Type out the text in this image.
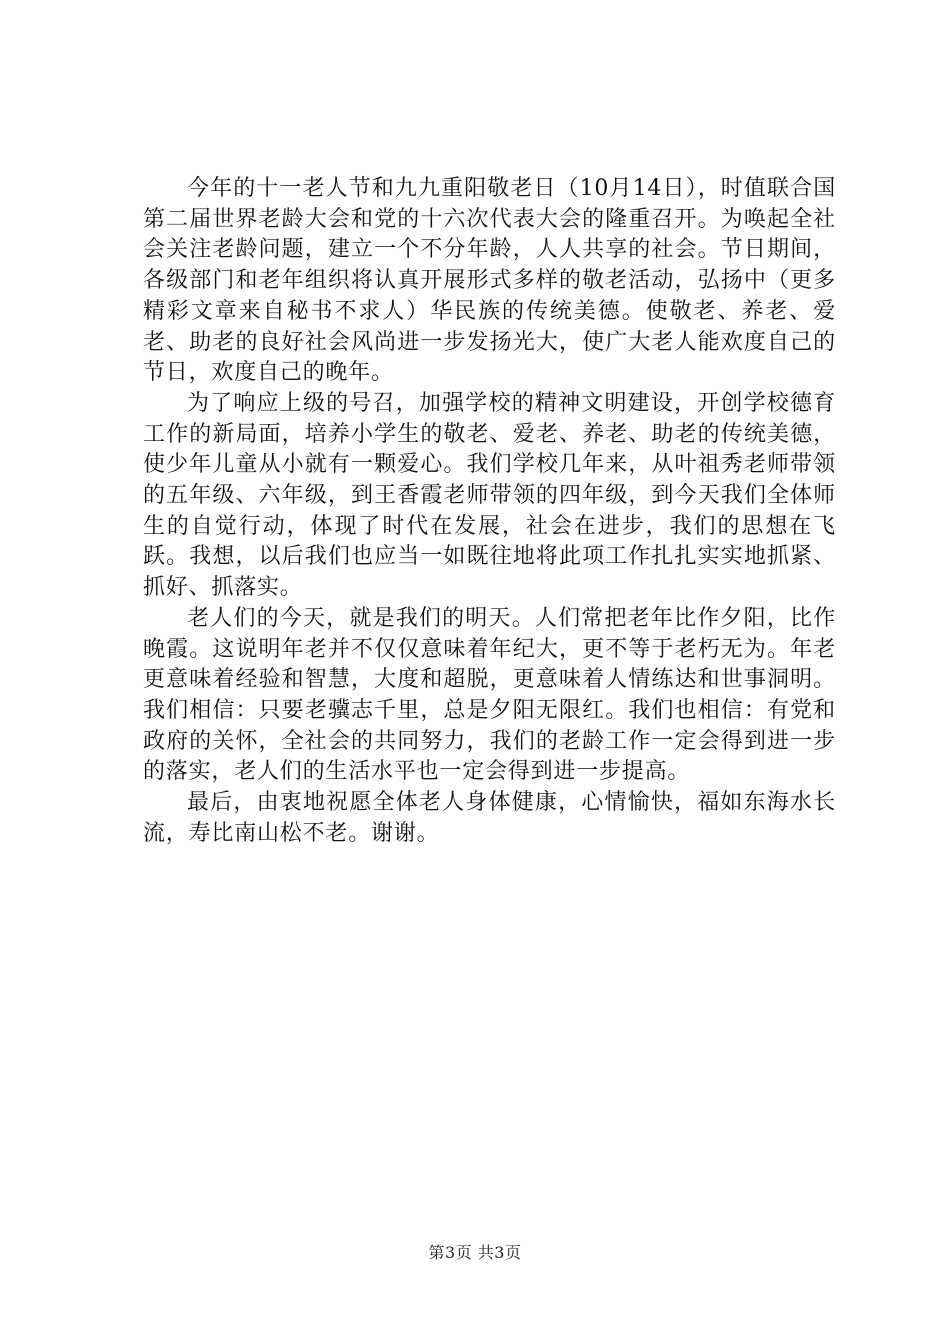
今年的十一老人节和九九重阳敬老日（10月14日），时值联合国第二届世界老龄大会和党的十六次代表大会的隆重召开。为唤起全社会关注老龄问题，建立一个不分年龄，人人共享的社会。节日期间，各级部门和老年组织将认真开展形式多样的敬老活动，弘扬中（更多精彩文章来自秘书不求人）华民族的传统美德。使敬老、养老、爱老、助老的良好社会风尚进一步发扬光大，使广大老人能欢度自己的节日，欢度自己的晚年。

为了响应上级的号召，加强学校的精神文明建设，开创学校德育工作的新局面，培养小学生的敬老、爱老、养老、助老的传统美德，使少年儿童从小就有一颗爱心。我们学校几年来，从叶祖秀老师带领的五年级、六年级，到王香霞老师带领的四年级，到今天我们全体师生的自觉行动，体现了时代在发展，社会在进步，我们的思想在飞跃。我想，以后我们也应当一如既往地将此项工作扎扎实实地抓紧、抓好、抓落实。

老人们的今天，就是我们的明天。人们常把老年比作夕阳，比作晚霞。这说明年老并不仅仅意味着年纪大，更不等于老朽无为。年老更意味着经验和智慧，大度和超脱，更意味着人情练达和世事洞明。我们相信：只要老骥志千里，总是夕阳无限红。我们也相信：有党和政府的关怀，全社会的共同努力，我们的老龄工作一定会得到进一步的落实，老人们的生活水平也一定会得到进一步提高。

最后，由衷地祝愿全体老人身体健康，心情愉快，福如东海水长流，寿比南山松不老。谢谢。

第3页 共3页
